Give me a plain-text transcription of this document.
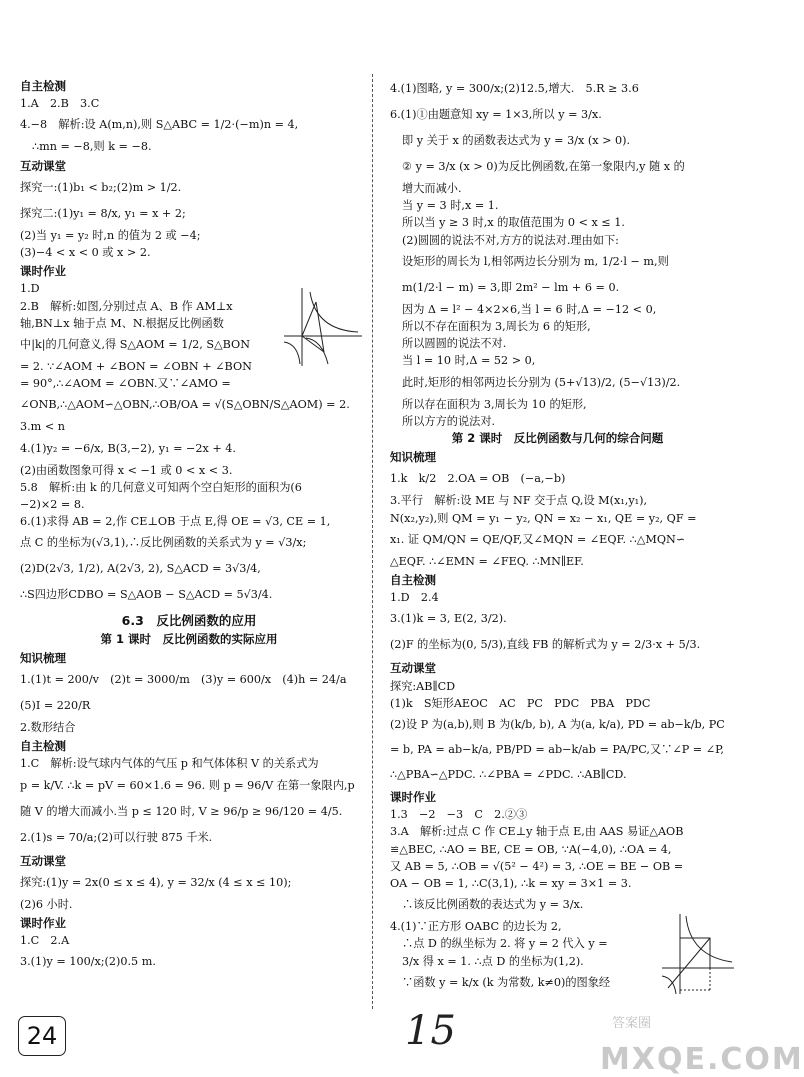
自主检测
1.A　2.B　3.C
4.−8　解析:设 A(m,n),则 S△ABC = 1/2·(−m)n = 4,
∴mn = −8,则 k = −8.
互动课堂
探究一:(1)b₁ < b₂;(2)m > 1/2.
探究二:(1)y₁ = 8/x, y₁ = x + 2;
(2)当 y₁ = y₂ 时,n 的值为 2 或 −4;
(3)−4 < x < 0 或 x > 2.
课时作业
1.D
2.B　解析:如图,分别过点 A、B 作 AM⊥x
轴,BN⊥x 轴于点 M、N.根据反比例函数
中|k|的几何意义,得 S△AOM = 1/2, S△BON
= 2. ∵∠AOM + ∠BON = ∠OBN + ∠BON
= 90°,∴∠AOM = ∠OBN.又∵∠AMO =
∠ONB,∴△AOM∽△OBN,∴OB/OA = √(S△OBN/S△AOM) = 2.
3.m < n
4.(1)y₂ = −6/x, B(3,−2), y₁ = −2x + 4.
(2)由函数图象可得 x < −1 或 0 < x < 3.
5.8　解析:由 k 的几何意义可知两个空白矩形的面积为(6
−2)×2 = 8.
6.(1)求得 AB = 2,作 CE⊥OB 于点 E,得 OE = √3, CE = 1,
点 C 的坐标为(√3,1),∴反比例函数的关系式为 y = √3/x;
(2)D(2√3, 1/2), A(2√3, 2), S△ACD = 3√3/4,
∴S四边形CDBO = S△AOB − S△ACD = 5√3/4.
6.3　反比例函数的应用
第 1 课时　反比例函数的实际应用
知识梳理
1.(1)t = 200/v　(2)t = 3000/m　(3)y = 600/x　(4)h = 24/a
(5)I = 220/R
2.数形结合
自主检测
1.C　解析:设气球内气体的气压 p 和气体体积 V 的关系式为
p = k/V. ∴k = pV = 60×1.6 = 96. 则 p = 96/V 在第一象限内,p
随 V 的增大而减小.当 p ≤ 120 时, V ≥ 96/p ≥ 96/120 = 4/5.
2.(1)s = 70/a;(2)可以行驶 875 千米.
互动课堂
探究:(1)y = 2x(0 ≤ x ≤ 4), y = 32/x (4 ≤ x ≤ 10);
(2)6 小时.
课时作业
1.C　2.A
3.(1)y = 100/x;(2)0.5 m.
4.(1)图略, y = 300/x;(2)12.5,增大.　5.R ≥ 3.6
6.(1)①由题意知 xy = 1×3,所以 y = 3/x.
即 y 关于 x 的函数表达式为 y = 3/x (x > 0).
② y = 3/x (x > 0)为反比例函数,在第一象限内,y 随 x 的
增大而减小.
当 y = 3 时,x = 1.
所以当 y ≥ 3 时,x 的取值范围为 0 < x ≤ 1.
(2)圆圆的说法不对,方方的说法对.理由如下:
设矩形的周长为 l,相邻两边长分别为 m, 1/2·l − m,则
m(1/2·l − m) = 3,即 2m² − lm + 6 = 0.
因为 Δ = l² − 4×2×6,当 l = 6 时,Δ = −12 < 0,
所以不存在面积为 3,周长为 6 的矩形,
所以圆圆的说法不对.
当 l = 10 时,Δ = 52 > 0,
此时,矩形的相邻两边长分别为 (5+√13)/2, (5−√13)/2.
所以存在面积为 3,周长为 10 的矩形,
所以方方的说法对.
第 2 课时　反比例函数与几何的综合问题
知识梳理
1.k　k/2　2.OA = OB　(−a,−b)
3.平行　解析:设 ME 与 NF 交于点 Q,设 M(x₁,y₁),
N(x₂,y₂),则 QM = y₁ − y₂, QN = x₂ − x₁, QE = y₂, QF =
x₁. 证 QM/QN = QE/QF,又∠MQN = ∠EQF. ∴△MQN∽
△EQF. ∴∠EMN = ∠FEQ. ∴MN∥EF.
自主检测
1.D　2.4
3.(1)k = 3, E(2, 3/2).
(2)F 的坐标为(0, 5/3),直线 FB 的解析式为 y = 2/3·x + 5/3.
互动课堂
探究:AB∥CD
(1)k　S矩形AEOC　AC　PC　PDC　PBA　PDC
(2)设 P 为(a,b),则 B 为(k/b, b), A 为(a, k/a), PD = ab−k/b, PC = b, PA = ab−k/a, PB/PD = ab−k/ab = PA/PC,又∵∠P = ∠P, ∴△PBA∽△PDC. ∴∠PBA = ∠PDC. ∴AB∥CD.
课时作业
1.3　−2　−3　C　2.②③
3.A　解析:过点 C 作 CE⊥y 轴于点 E,由 AAS 易证△AOB
≌△BEC, ∴AO = BE, CE = OB, ∵A(−4,0), ∴OA = 4,
又 AB = 5, ∴OB = √(5² − 4²) = 3, ∴OE = BE − OB =
OA − OB = 1, ∴C(3,1), ∴k = xy = 3×1 = 3.
∴该反比例函数的表达式为 y = 3/x.
4.(1)∵正方形 OABC 的边长为 2,
∴点 D 的纵坐标为 2. 将 y = 2 代入 y =
3/x 得 x = 1. ∴点 D 的坐标为(1,2).
∵函数 y = k/x (k 为常数, k≠0)的图象经
24	15	答案圈
MXQE.COM
